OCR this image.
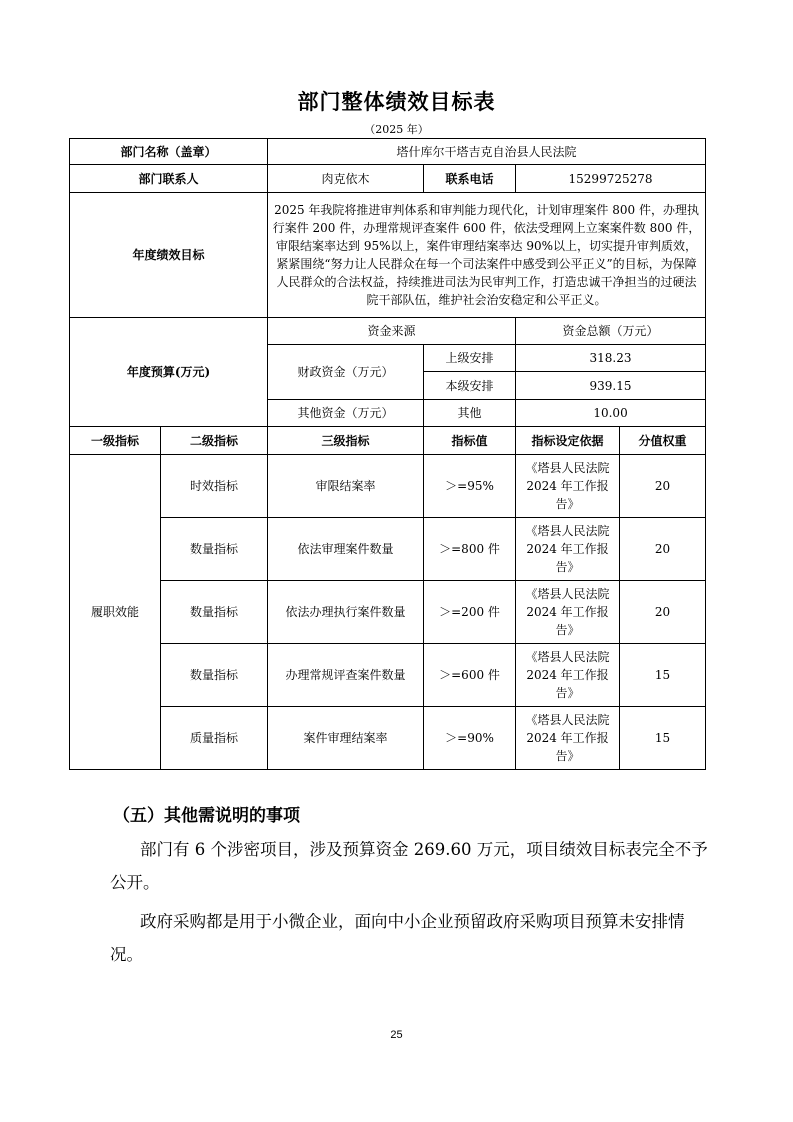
部门整体绩效目标表
（2025 年）
部门名称（盖章）		塔什库尔干塔吉克自治县人民法院			
部门联系人		肉克依木	联系电话	15299725278	
年度绩效目标		2025 年我院将推进审判体系和审判能力现代化，计划审理案件 800 件，办理执行案件 200 件，办理常规评查案件 600 件，依法受理网上立案案件数 800 件，审限结案率达到 95%以上，案件审理结案率达 90%以上，切实提升审判质效，紧紧围绕“努力让人民群众在每一个司法案件中感受到公平正义”的目标，为保障人民群众的合法权益，持续推进司法为民审判工作，打造忠诚干净担当的过硬法院干部队伍，维护社会治安稳定和公平正义。			
年度预算(万元)		资金来源		资金总额（万元）	
		财政资金（万元）	上级安排	318.23	
			本级安排	939.15	
		其他资金（万元）	其他	10.00	
一级指标	二级指标	三级指标	指标值	指标设定依据	分值权重
履职效能	时效指标	审限结案率	＞=95%	《塔县人民法院 2024 年工作报告》	20
	数量指标	依法审理案件数量	＞=800 件	《塔县人民法院 2024 年工作报告》	20
	数量指标	依法办理执行案件数量	＞=200 件	《塔县人民法院 2024 年工作报告》	20
	数量指标	办理常规评查案件数量	＞=600 件	《塔县人民法院 2024 年工作报告》	15
	质量指标	案件审理结案率	＞=90%	《塔县人民法院 2024 年工作报告》	15
（五）其他需说明的事项
部门有 6 个涉密项目，涉及预算资金 269.60 万元，项目绩效目标表完全不予公开。
政府采购都是用于小微企业，面向中小企业预留政府采购项目预算未安排情况。
25
